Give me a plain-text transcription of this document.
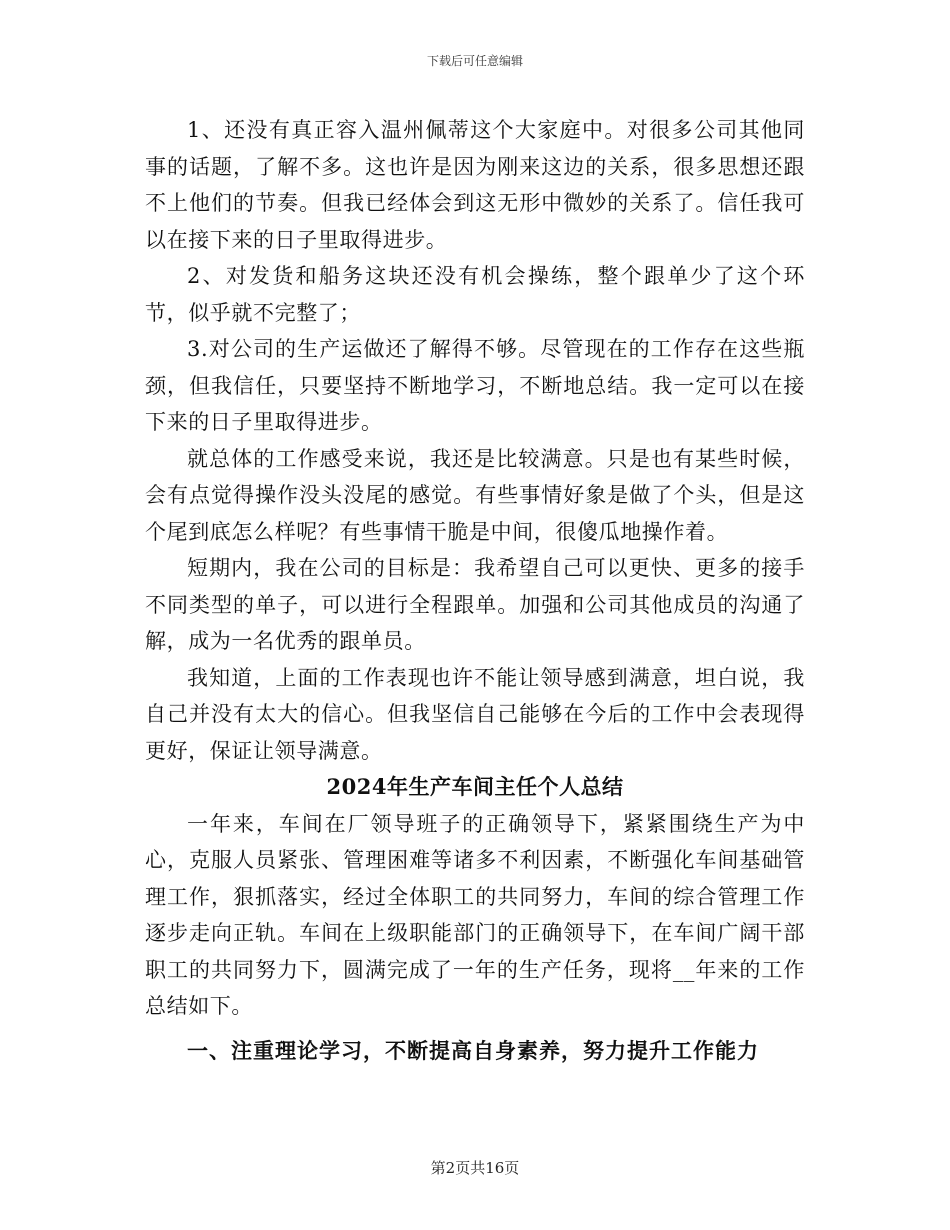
下载后可任意编辑

1、还没有真正容入温州佩蒂这个大家庭中。对很多公司其他同事的话题，了解不多。这也许是因为刚来这边的关系，很多思想还跟不上他们的节奏。但我已经体会到这无形中微妙的关系了。信任我可以在接下来的日子里取得进步。

2、对发货和船务这块还没有机会操练，整个跟单少了这个环节，似乎就不完整了；

3.对公司的生产运做还了解得不够。尽管现在的工作存在这些瓶颈，但我信任，只要坚持不断地学习，不断地总结。我一定可以在接下来的日子里取得进步。

就总体的工作感受来说，我还是比较满意。只是也有某些时候，会有点觉得操作没头没尾的感觉。有些事情好象是做了个头，但是这个尾到底怎么样呢？有些事情干脆是中间，很傻瓜地操作着。

短期内，我在公司的目标是：我希望自己可以更快、更多的接手不同类型的单子，可以进行全程跟单。加强和公司其他成员的沟通了解，成为一名优秀的跟单员。

我知道，上面的工作表现也许不能让领导感到满意，坦白说，我自己并没有太大的信心。但我坚信自己能够在今后的工作中会表现得更好，保证让领导满意。

2024年生产车间主任个人总结

一年来，车间在厂领导班子的正确领导下，紧紧围绕生产为中心，克服人员紧张、管理困难等诸多不利因素，不断强化车间基础管理工作，狠抓落实，经过全体职工的共同努力，车间的综合管理工作逐步走向正轨。车间在上级职能部门的正确领导下，在车间广阔干部职工的共同努力下，圆满完成了一年的生产任务，现将__年来的工作总结如下。

一、注重理论学习，不断提高自身素养，努力提升工作能力

第2页共16页
